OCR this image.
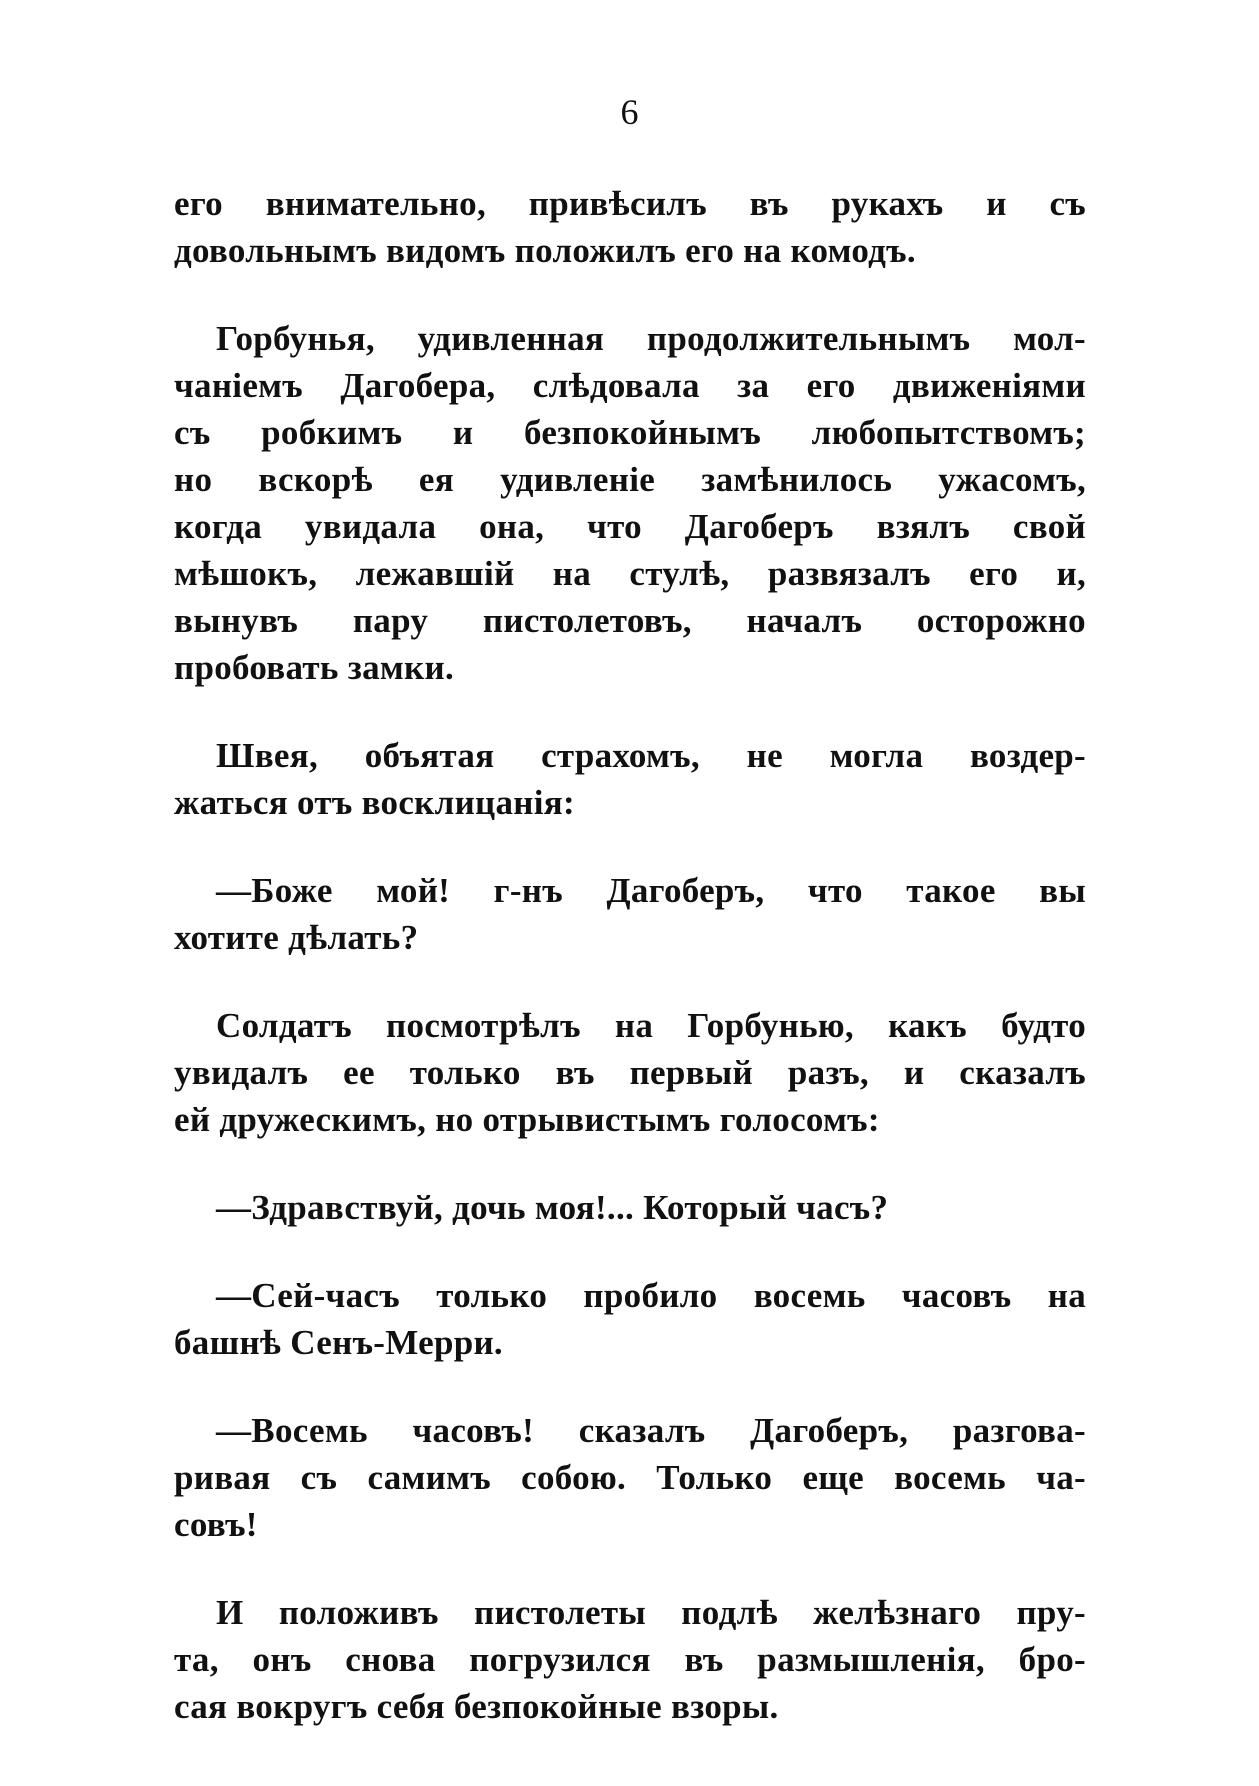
6

его внимательно, привѣсилъ въ рукахъ и съ
довольнымъ видомъ положилъ его на комодъ.

Горбунья, удивленная продолжительнымъ мол-
чаніемъ Дагобера, слѣдовала за его движеніями
съ робкимъ и безпокойнымъ любопытствомъ;
но вскорѣ ея удивленіе замѣнилось ужасомъ,
когда увидала она, что Дагоберъ взялъ свой
мѣшокъ, лежавшій на стулѣ, развязалъ его и,
вынувъ пару пистолетовъ, началъ осторожно
пробовать замки.

Швея, объятая страхомъ, не могла воздер-
жаться отъ восклицанія:

—Боже мой! г-нъ Дагоберъ, что такое вы
хотите дѣлать?

Солдатъ посмотрѣлъ на Горбунью, какъ будто
увидалъ ее только въ первый разъ, и сказалъ
ей дружескимъ, но отрывистымъ голосомъ:

—Здравствуй, дочь моя!... Который часъ?

—Сей-часъ только пробило восемь часовъ на
башнѣ Сенъ-Мерри.

—Восемь часовъ! сказалъ Дагоберъ, разгова-
ривая съ самимъ собою. Только еще восемь ча-
совъ!

И положивъ пистолеты подлѣ желѣзнаго пру-
та, онъ снова погрузился въ размышленія, бро-
сая вокругъ себя безпокойные взоры.
